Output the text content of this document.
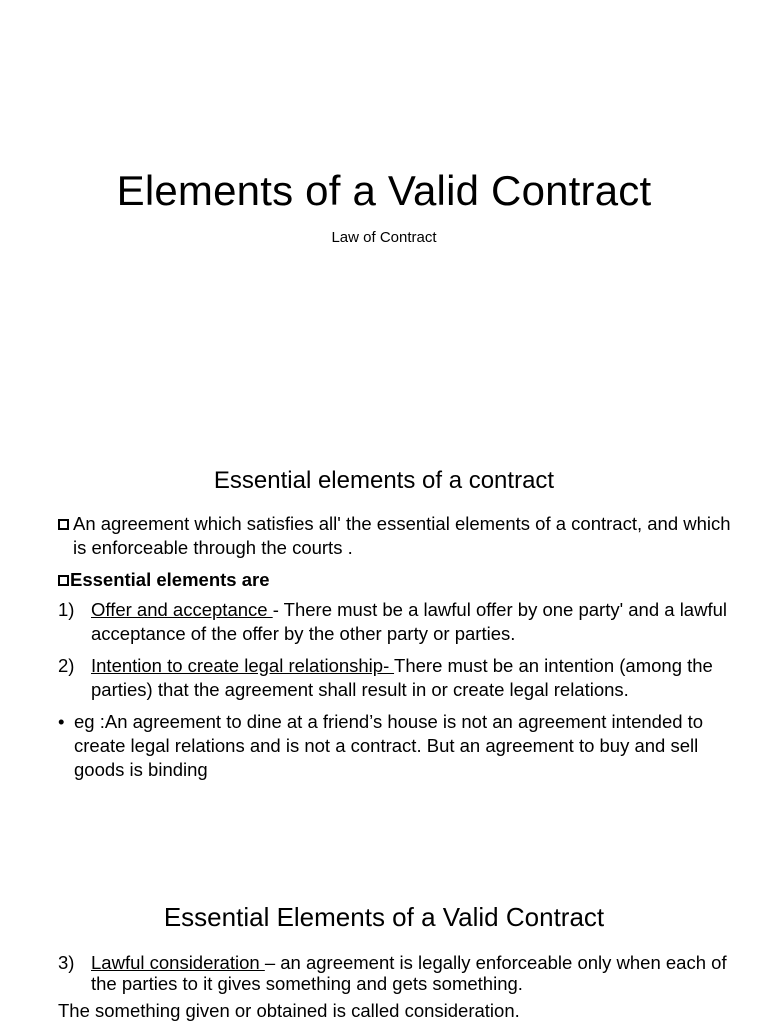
Elements of a Valid Contract
Law of Contract
Essential elements of a contract

An agreement which satisfies all' the essential elements of a contract, and which is enforceable through the courts .

Essential elements are

1) Offer and acceptance - There must be a lawful offer by one party' and a lawful acceptance of the offer by the other party or parties.

2) Intention to create legal relationship- There must be an intention (among the parties) that the agreement shall result in or create legal relations.

• eg :An agreement to dine at a friend’s house is not an agreement intended to create legal relations and is not a contract. But an agreement to buy and sell goods is binding

Essential Elements of a Valid Contract

3) Lawful consideration – an agreement is legally enforceable only when each of the parties to it gives something and gets something.

The something given or obtained is called consideration.
